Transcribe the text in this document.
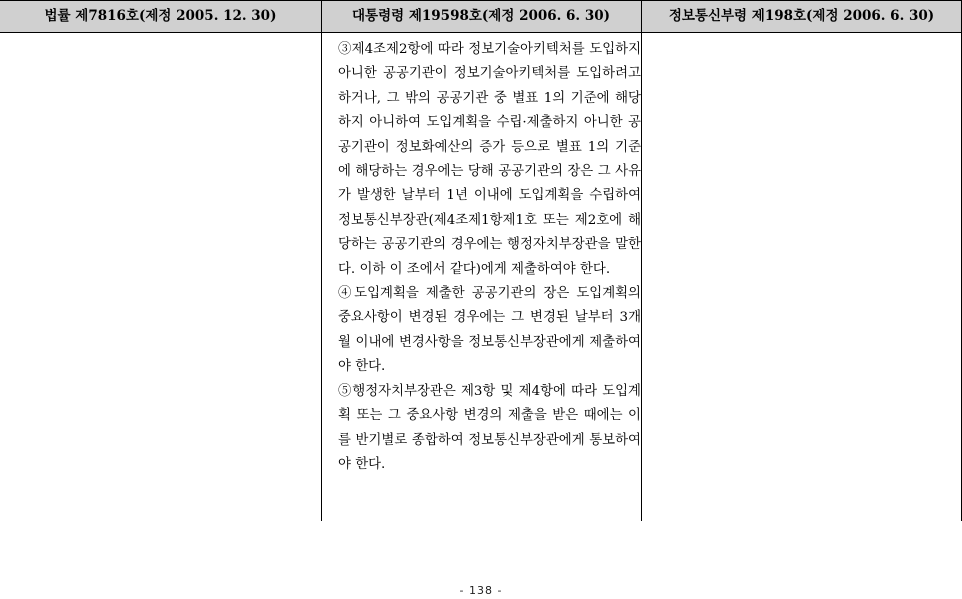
법률 제7816호(제정 2005. 12. 30)	대통령령 제19598호(제정 2006. 6. 30)	정보통신부령 제198호(제정 2006. 6. 30)

③제4조제2항에 따라 정보기술아키텍처를 도입하지 아니한 공공기관이 정보기술아키텍처를 도입하려고 하거나, 그 밖의 공공기관 중 별표 1의 기준에 해당하지 아니하여 도입계획을 수립·제출하지 아니한 공공기관이 정보화예산의 증가 등으로 별표 1의 기준에 해당하는 경우에는 당해 공공기관의 장은 그 사유가 발생한 날부터 1년 이내에 도입계획을 수립하여 정보통신부장관(제4조제1항제1호 또는 제2호에 해당하는 공공기관의 경우에는 행정자치부장관을 말한다. 이하 이 조에서 같다)에게 제출하여야 한다.

④도입계획을 제출한 공공기관의 장은 도입계획의 중요사항이 변경된 경우에는 그 변경된 날부터 3개월 이내에 변경사항을 정보통신부장관에게 제출하여야 한다.

⑤행정자치부장관은 제3항 및 제4항에 따라 도입계획 또는 그 중요사항 변경의 제출을 받은 때에는 이를 반기별로 종합하여 정보통신부장관에게 통보하여야 한다.

- 138 -
